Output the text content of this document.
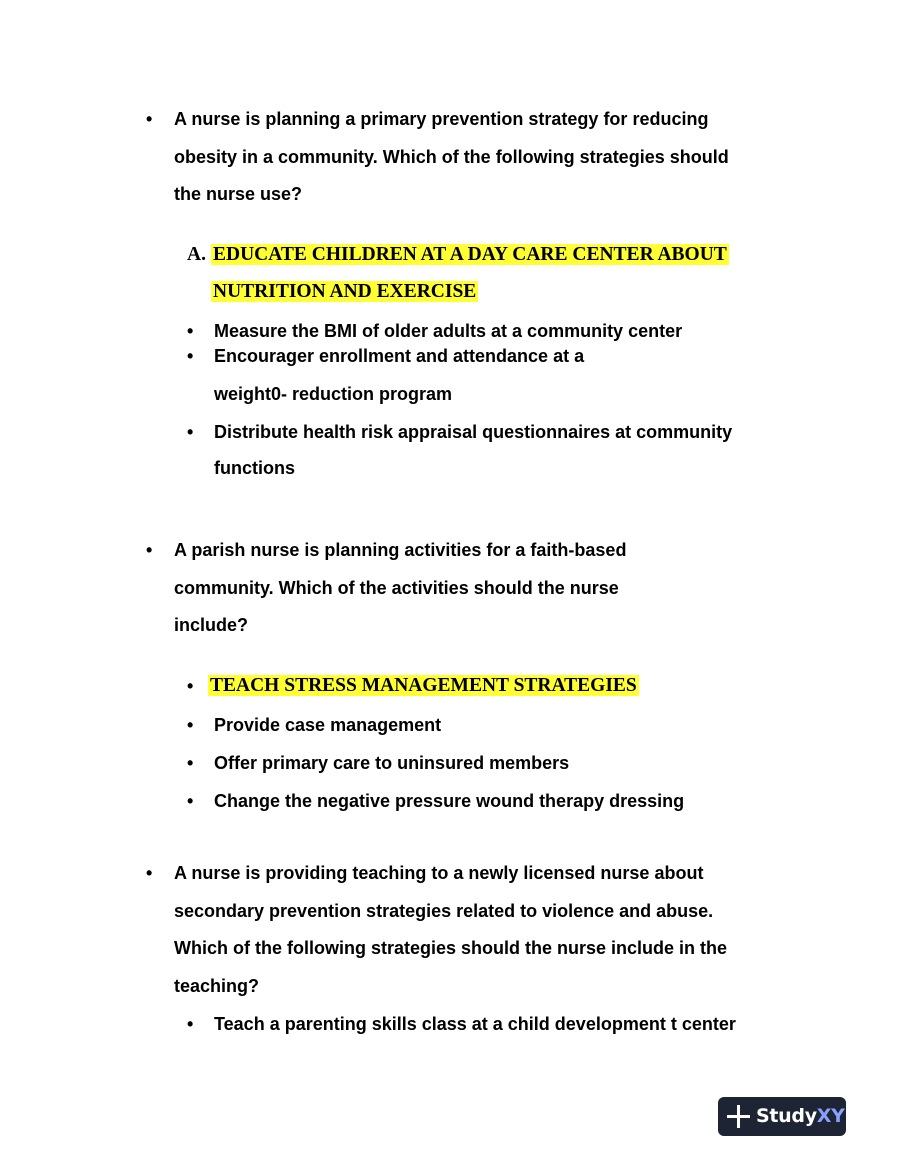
• A nurse is planning a primary prevention strategy for reducing
obesity in a community. Which of the following strategies should
the nurse use?
A. EDUCATE CHILDREN AT A DAY CARE CENTER ABOUT
NUTRITION AND EXERCISE
• Measure the BMI of older adults at a community center
• Encourager enrollment and attendance at a
weight0- reduction program
• Distribute health risk appraisal questionnaires at community
functions
• A parish nurse is planning activities for a faith-based
community. Which of the activities should the nurse
include?
• TEACH STRESS MANAGEMENT STRATEGIES
• Provide case management
• Offer primary care to uninsured members
• Change the negative pressure wound therapy dressing
• A nurse is providing teaching to a newly licensed nurse about
secondary prevention strategies related to violence and abuse.
Which of the following strategies should the nurse include in the
teaching?
• Teach a parenting skills class at a child development t center
StudyXY
